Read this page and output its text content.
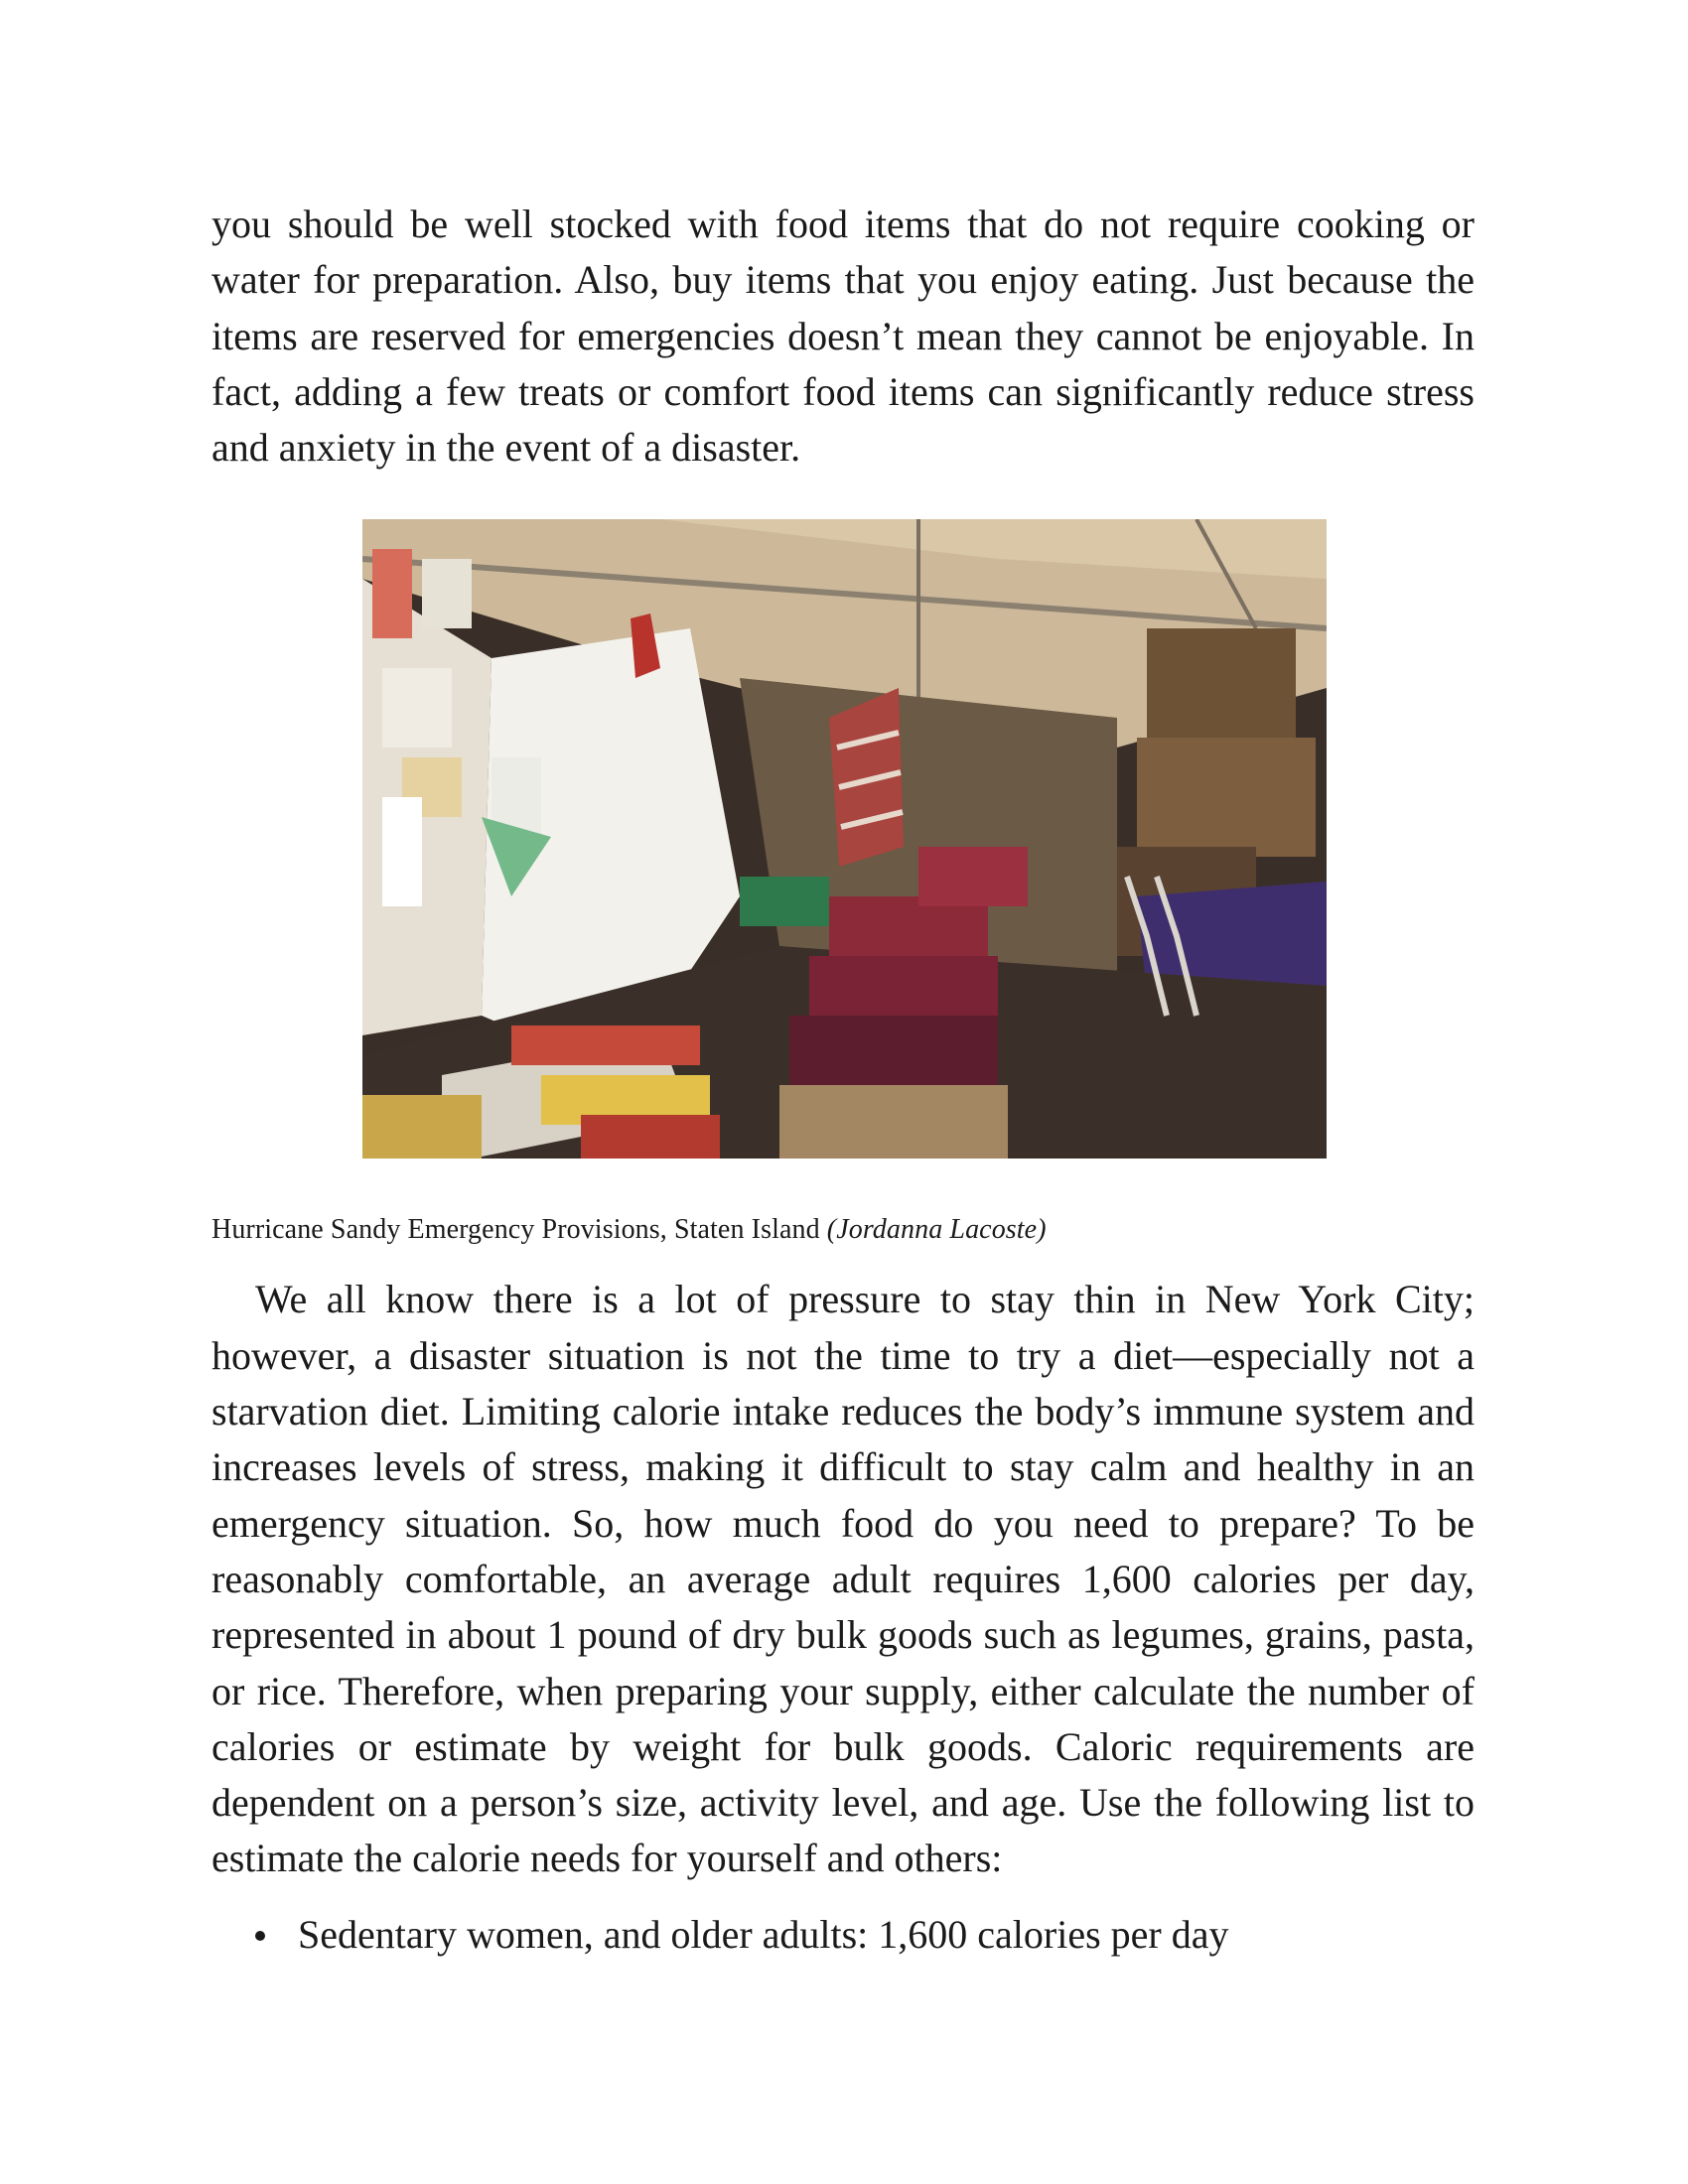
you should be well stocked with food items that do not require cooking or water for preparation. Also, buy items that you enjoy eating. Just because the items are reserved for emergencies doesn’t mean they cannot be enjoyable. In fact, adding a few treats or comfort food items can significantly reduce stress and anxiety in the event of a disaster.

Hurricane Sandy Emergency Provisions, Staten Island (Jordanna Lacoste)

We all know there is a lot of pressure to stay thin in New York City; however, a disaster situation is not the time to try a diet—especially not a starvation diet. Limiting calorie intake reduces the body’s immune system and increases levels of stress, making it difficult to stay calm and healthy in an emergency situation. So, how much food do you need to prepare? To be reasonably comfortable, an average adult requires 1,600 calories per day, represented in about 1 pound of dry bulk goods such as legumes, grains, pasta, or rice. Therefore, when preparing your supply, either calculate the number of calories or estimate by weight for bulk goods. Caloric requirements are dependent on a person’s size, activity level, and age. Use the following list to estimate the calorie needs for yourself and others:

Sedentary women, and older adults: 1,600 calories per day
